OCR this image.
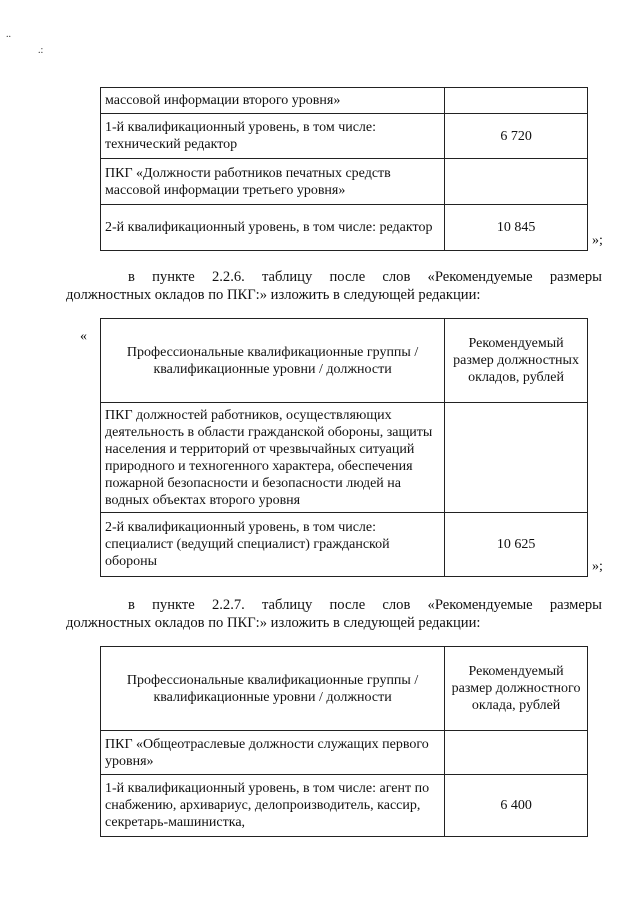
..
.:
массовой информации второго уровня»	
1-й квалификационный уровень, в том числе: технический редактор	6 720
ПКГ «Должности работников печатных средств массовой информации третьего уровня»	
2-й квалификационный уровень, в том числе: редактор	10 845
»;

в пункте 2.2.6. таблицу после слов «Рекомендуемые размеры
должностных окладов по ПКГ:» изложить в следующей редакции:

«
Профессиональные квалификационные группы / квалификационные уровни / должности	Рекомендуемый размер должностных окладов, рублей
ПКГ должностей работников, осуществляющих деятельность в области гражданской обороны, защиты населения и территорий от чрезвычайных ситуаций природного и техногенного характера, обеспечения пожарной безопасности и безопасности людей на водных объектах второго уровня	
2-й квалификационный уровень, в том числе: специалист (ведущий специалист) гражданской обороны	10 625
»;

в пункте 2.2.7. таблицу после слов «Рекомендуемые размеры
должностных окладов по ПКГ:» изложить в следующей редакции:

Профессиональные квалификационные группы / квалификационные уровни / должности	Рекомендуемый размер должностного оклада, рублей
ПКГ «Общеотраслевые должности служащих первого уровня»	
1-й квалификационный уровень, в том числе: агент по снабжению, архивариус, делопроизводитель, кассир, секретарь-машинистка,	6 400
